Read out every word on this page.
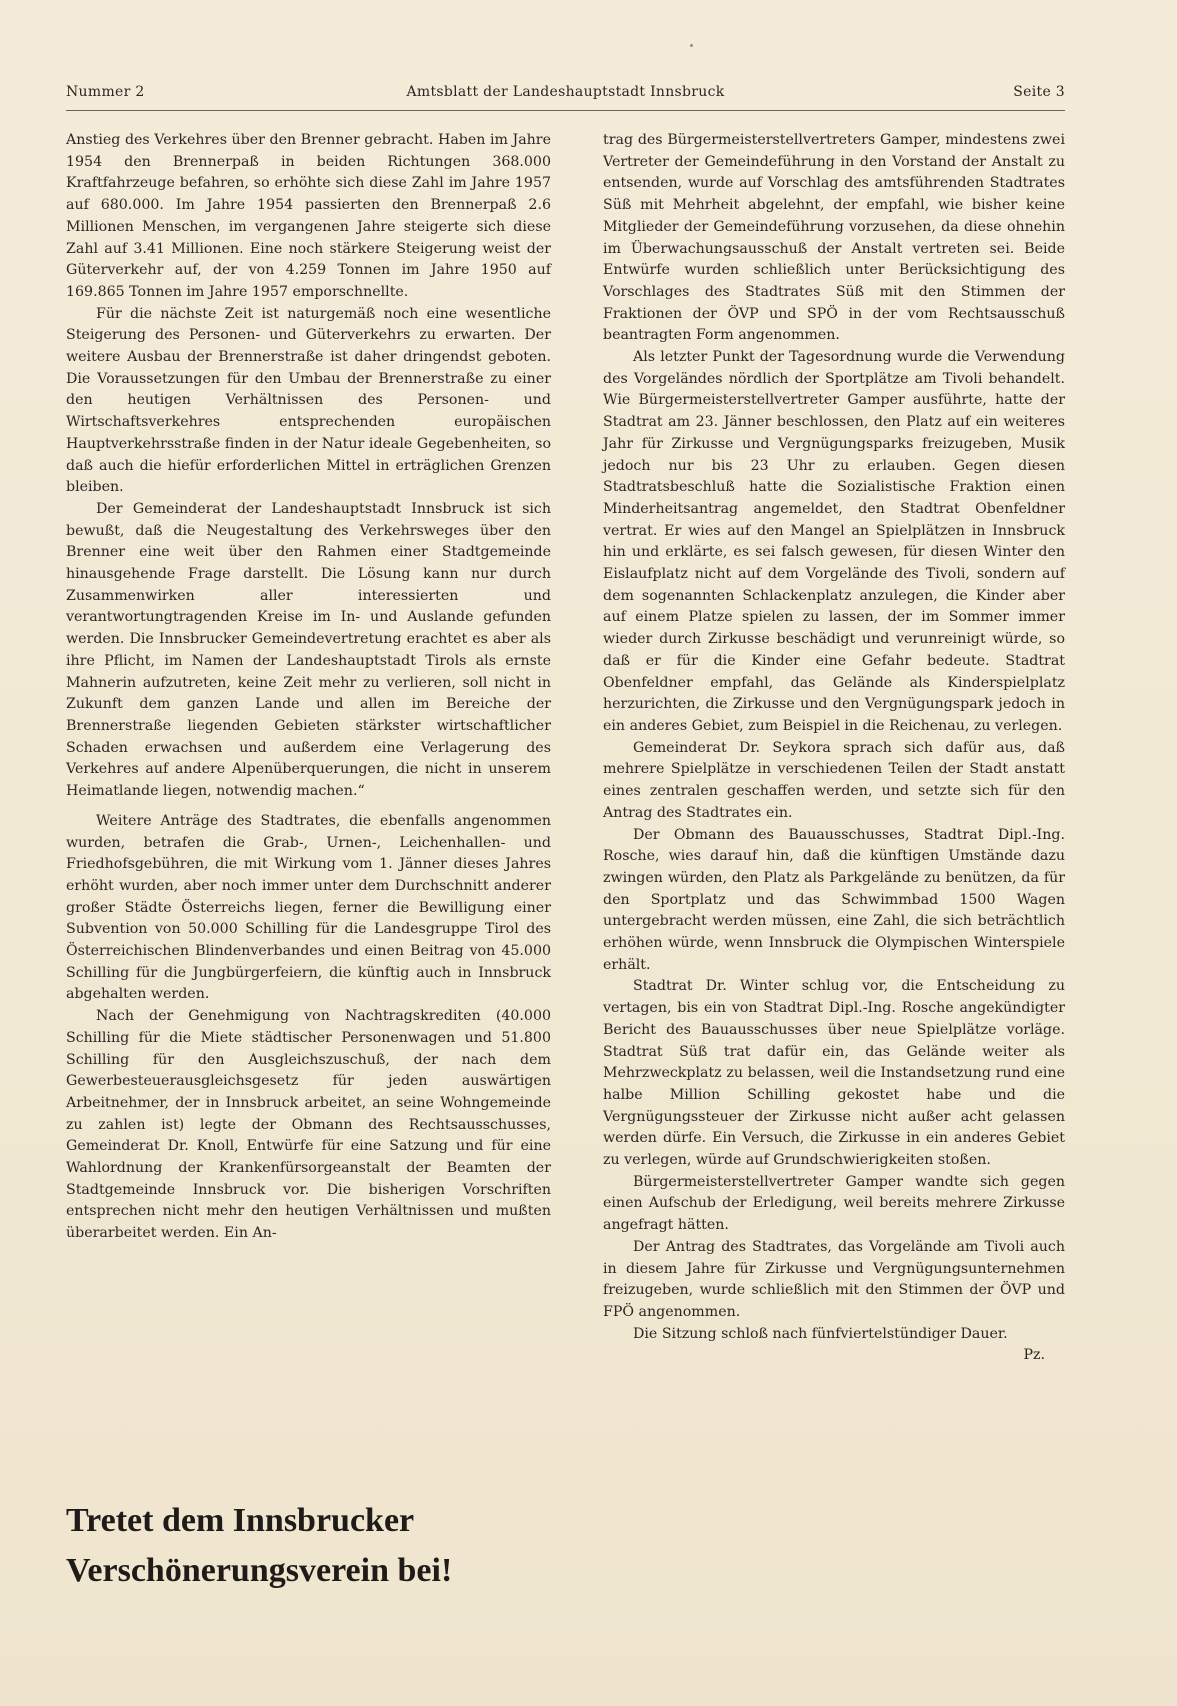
Nummer 2	Amtsblatt der Landeshauptstadt Innsbruck	Seite 3

Anstieg des Verkehres über den Brenner gebracht. Haben im Jahre 1954 den Brennerpaß in beiden Richtungen 368.000 Kraftfahrzeuge befahren, so erhöhte sich diese Zahl im Jahre 1957 auf 680.000. Im Jahre 1954 passierten den Brennerpaß 2.6 Millionen Menschen, im vergangenen Jahre steigerte sich diese Zahl auf 3.41 Millionen. Eine noch stärkere Steigerung weist der Güterverkehr auf, der von 4.259 Tonnen im Jahre 1950 auf 169.865 Tonnen im Jahre 1957 emporschnellte.

Für die nächste Zeit ist naturgemäß noch eine wesentliche Steigerung des Personen- und Güterverkehrs zu erwarten. Der weitere Ausbau der Brennerstraße ist daher dringendst geboten. Die Voraussetzungen für den Umbau der Brennerstraße zu einer den heutigen Verhältnissen des Personen- und Wirtschaftsverkehres entsprechenden europäischen Hauptverkehrsstraße finden in der Natur ideale Gegebenheiten, so daß auch die hiefür erforderlichen Mittel in erträglichen Grenzen bleiben.

Der Gemeinderat der Landeshauptstadt Innsbruck ist sich bewußt, daß die Neugestaltung des Verkehrsweges über den Brenner eine weit über den Rahmen einer Stadtgemeinde hinausgehende Frage darstellt. Die Lösung kann nur durch Zusammenwirken aller interessierten und verantwortungtragenden Kreise im In- und Auslande gefunden werden. Die Innsbrucker Gemeindevertretung erachtet es aber als ihre Pflicht, im Namen der Landeshauptstadt Tirols als ernste Mahnerin aufzutreten, keine Zeit mehr zu verlieren, soll nicht in Zukunft dem ganzen Lande und allen im Bereiche der Brennerstraße liegenden Gebieten stärkster wirtschaftlicher Schaden erwachsen und außerdem eine Verlagerung des Verkehres auf andere Alpenüberquerungen, die nicht in unserem Heimatlande liegen, notwendig machen.“

Weitere Anträge des Stadtrates, die ebenfalls angenommen wurden, betrafen die Grab-, Urnen-, Leichenhallen- und Friedhofsgebühren, die mit Wirkung vom 1. Jänner dieses Jahres erhöht wurden, aber noch immer unter dem Durchschnitt anderer großer Städte Österreichs liegen, ferner die Bewilligung einer Subvention von 50.000 Schilling für die Landesgruppe Tirol des Österreichischen Blindenverbandes und einen Beitrag von 45.000 Schilling für die Jungbürgerfeiern, die künftig auch in Innsbruck abgehalten werden.

Nach der Genehmigung von Nachtragskrediten (40.000 Schilling für die Miete städtischer Personenwagen und 51.800 Schilling für den Ausgleichszuschuß, der nach dem Gewerbesteuerausgleichsgesetz für jeden auswärtigen Arbeitnehmer, der in Innsbruck arbeitet, an seine Wohngemeinde zu zahlen ist) legte der Obmann des Rechtsausschusses, Gemeinderat Dr. Knoll, Entwürfe für eine Satzung und für eine Wahlordnung der Krankenfürsorgeanstalt der Beamten der Stadtgemeinde Innsbruck vor. Die bisherigen Vorschriften entsprechen nicht mehr den heutigen Verhältnissen und mußten überarbeitet werden. Ein An-

trag des Bürgermeisterstellvertreters Gamper, mindestens zwei Vertreter der Gemeindeführung in den Vorstand der Anstalt zu entsenden, wurde auf Vorschlag des amtsführenden Stadtrates Süß mit Mehrheit abgelehnt, der empfahl, wie bisher keine Mitglieder der Gemeindeführung vorzusehen, da diese ohnehin im Überwachungsausschuß der Anstalt vertreten sei. Beide Entwürfe wurden schließlich unter Berücksichtigung des Vorschlages des Stadtrates Süß mit den Stimmen der Fraktionen der ÖVP und SPÖ in der vom Rechtsausschuß beantragten Form angenommen.

Als letzter Punkt der Tagesordnung wurde die Verwendung des Vorgeländes nördlich der Sportplätze am Tivoli behandelt. Wie Bürgermeisterstellvertreter Gamper ausführte, hatte der Stadtrat am 23. Jänner beschlossen, den Platz auf ein weiteres Jahr für Zirkusse und Vergnügungsparks freizugeben, Musik jedoch nur bis 23 Uhr zu erlauben. Gegen diesen Stadtratsbeschluß hatte die Sozialistische Fraktion einen Minderheitsantrag angemeldet, den Stadtrat Obenfeldner vertrat. Er wies auf den Mangel an Spielplätzen in Innsbruck hin und erklärte, es sei falsch gewesen, für diesen Winter den Eislaufplatz nicht auf dem Vorgelände des Tivoli, sondern auf dem sogenannten Schlackenplatz anzulegen, die Kinder aber auf einem Platze spielen zu lassen, der im Sommer immer wieder durch Zirkusse beschädigt und verunreinigt würde, so daß er für die Kinder eine Gefahr bedeute. Stadtrat Obenfeldner empfahl, das Gelände als Kinderspielplatz herzurichten, die Zirkusse und den Vergnügungspark jedoch in ein anderes Gebiet, zum Beispiel in die Reichenau, zu verlegen.

Gemeinderat Dr. Seykora sprach sich dafür aus, daß mehrere Spielplätze in verschiedenen Teilen der Stadt anstatt eines zentralen geschaffen werden, und setzte sich für den Antrag des Stadtrates ein.

Der Obmann des Bauausschusses, Stadtrat Dipl.-Ing. Rosche, wies darauf hin, daß die künftigen Umstände dazu zwingen würden, den Platz als Parkgelände zu benützen, da für den Sportplatz und das Schwimmbad 1500 Wagen untergebracht werden müssen, eine Zahl, die sich beträchtlich erhöhen würde, wenn Innsbruck die Olympischen Winterspiele erhält.

Stadtrat Dr. Winter schlug vor, die Entscheidung zu vertagen, bis ein von Stadtrat Dipl.-Ing. Rosche angekündigter Bericht des Bauausschusses über neue Spielplätze vorläge. Stadtrat Süß trat dafür ein, das Gelände weiter als Mehrzweckplatz zu belassen, weil die Instandsetzung rund eine halbe Million Schilling gekostet habe und die Vergnügungssteuer der Zirkusse nicht außer acht gelassen werden dürfe. Ein Versuch, die Zirkusse in ein anderes Gebiet zu verlegen, würde auf Grundschwierigkeiten stoßen.

Bürgermeisterstellvertreter Gamper wandte sich gegen einen Aufschub der Erledigung, weil bereits mehrere Zirkusse angefragt hätten.

Der Antrag des Stadtrates, das Vorgelände am Tivoli auch in diesem Jahre für Zirkusse und Vergnügungsunternehmen freizugeben, wurde schließlich mit den Stimmen der ÖVP und FPÖ angenommen.

Die Sitzung schloß nach fünfviertelstündiger Dauer.

Pz.

Tretet dem Innsbrucker
Verschönerungsverein bei!
